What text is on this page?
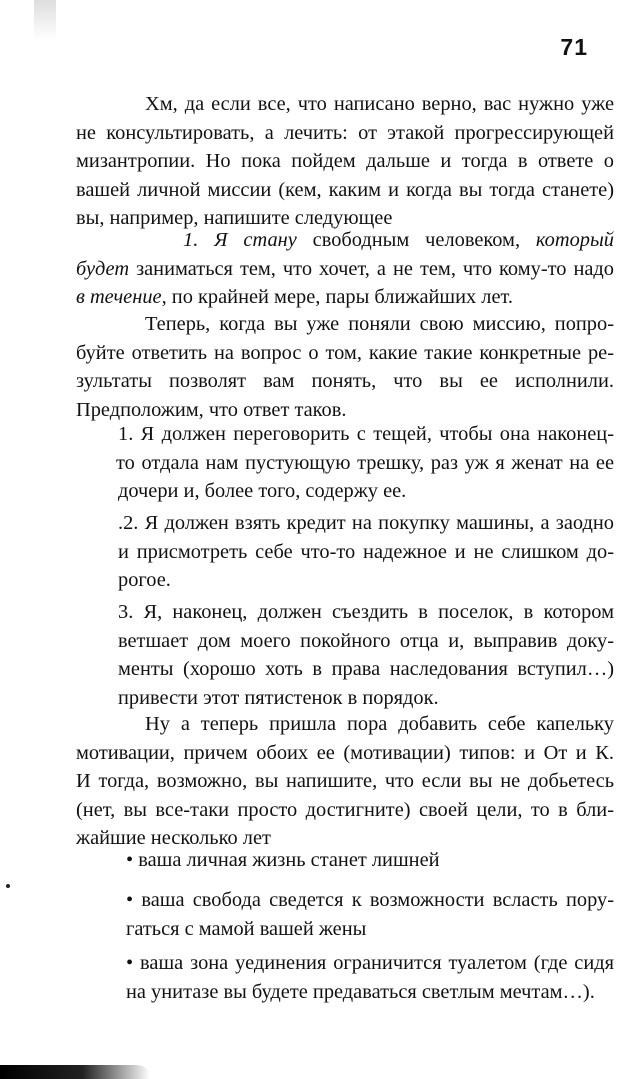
71
Хм, да если все, что написано верно, вас нужно уже
не консультировать, а лечить: от этакой прогрессирующей
мизантропии. Но пока пойдем дальше и тогда в ответе о
вашей личной миссии (кем, каким и когда вы тогда станете)
вы, например, напишите следующее
1. Я стану свободным человеком, который
будет заниматься тем, что хочет, а не тем, что кому-то надо
в течение, по крайней мере, пары ближайших лет.
Теперь, когда вы уже поняли свою миссию, попро-
буйте ответить на вопрос о том, какие такие конкретные ре-
зультаты позволят вам понять, что вы ее исполнили.
Предположим, что ответ таков.
1. Я должен переговорить с тещей, чтобы она наконец-
то отдала нам пустующую трешку, раз уж я женат на ее
дочери и, более того, содержу ее.
.2. Я должен взять кредит на покупку машины, а заодно
и присмотреть себе что-то надежное и не слишком до-
рогое.
3. Я, наконец, должен съездить в поселок, в котором
ветшает дом моего покойного отца и, выправив доку-
менты (хорошо хоть в права наследования вступил…)
привести этот пятистенок в порядок.
Ну а теперь пришла пора добавить себе капельку
мотивации, причем обоих ее (мотивации) типов: и От и К.
И тогда, возможно, вы напишите, что если вы не добьетесь
(нет, вы все-таки просто достигните) своей цели, то в бли-
жайшие несколько лет
• ваша личная жизнь станет лишней
• ваша свобода сведется к возможности всласть пору-
гаться с мамой вашей жены
• ваша зона уединения ограничится туалетом (где сидя
на унитазе вы будете предаваться светлым мечтам…).
